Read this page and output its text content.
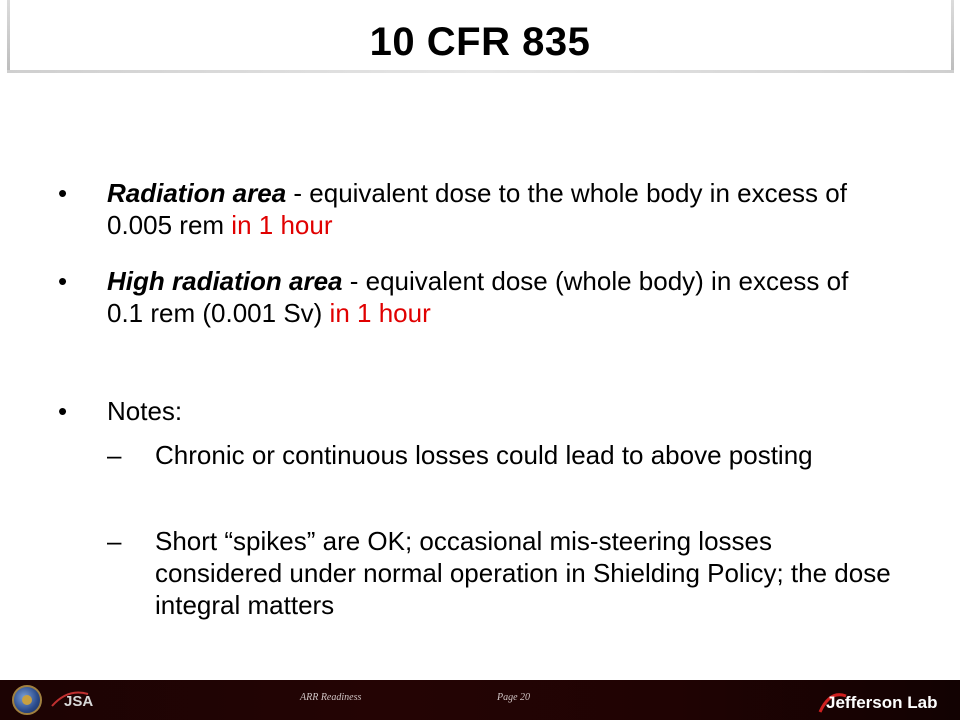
10 CFR 835
• Radiation area - equivalent dose to the whole body in excess of 0.005 rem in 1 hour
• High radiation area - equivalent dose (whole body) in excess of 0.1 rem (0.001 Sv) in 1 hour
• Notes:
– Chronic or continuous losses could lead to above posting
– Short “spikes” are OK; occasional mis-steering losses considered under normal operation in Shielding Policy; the dose integral matters
ARR Readiness	Page 20
JSA	Jefferson Lab
